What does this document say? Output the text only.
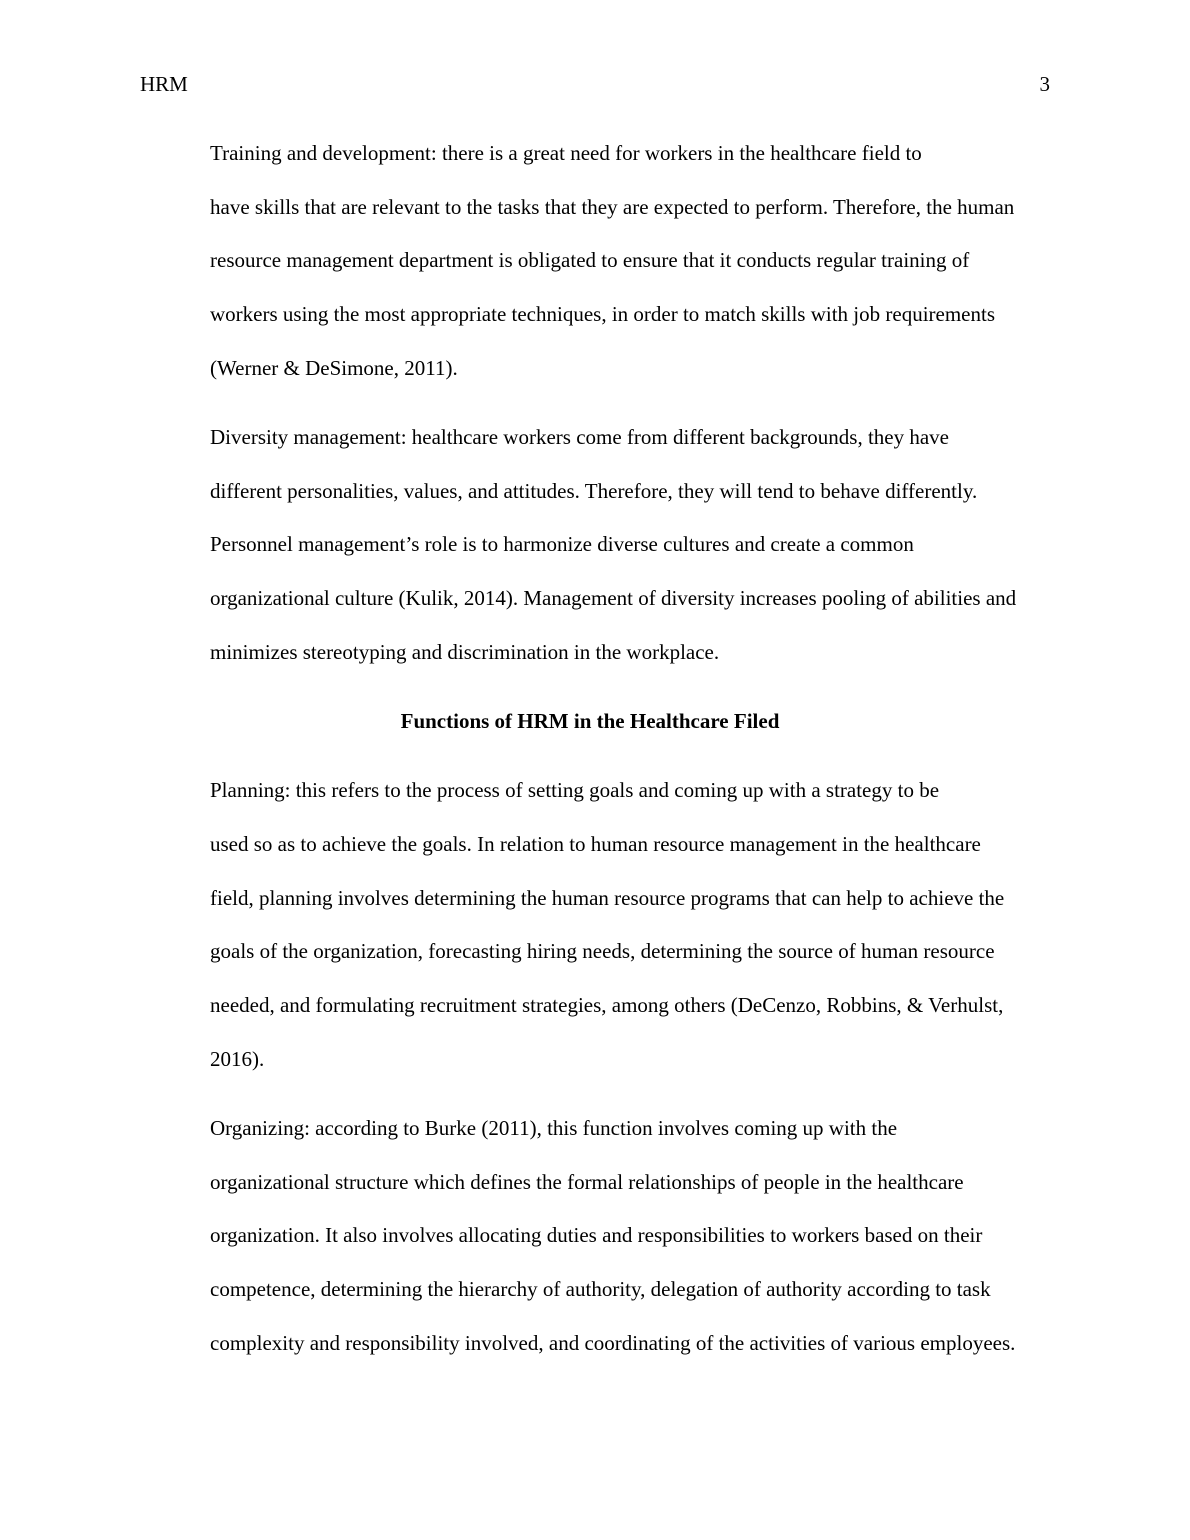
HRM	3

Training and development: there is a great need for workers in the healthcare field to
have skills that are relevant to the tasks that they are expected to perform. Therefore, the human
resource management department is obligated to ensure that it conducts regular training of
workers using the most appropriate techniques, in order to match skills with job requirements
(Werner & DeSimone, 2011).

Diversity management: healthcare workers come from different backgrounds, they have
different personalities, values, and attitudes. Therefore, they will tend to behave differently.
Personnel management’s role is to harmonize diverse cultures and create a common
organizational culture (Kulik, 2014). Management of diversity increases pooling of abilities and
minimizes stereotyping and discrimination in the workplace.

Functions of HRM in the Healthcare Filed

Planning: this refers to the process of setting goals and coming up with a strategy to be
used so as to achieve the goals. In relation to human resource management in the healthcare
field, planning involves determining the human resource programs that can help to achieve the
goals of the organization, forecasting hiring needs, determining the source of human resource
needed, and formulating recruitment strategies, among others (DeCenzo, Robbins, & Verhulst,
2016).

Organizing: according to Burke (2011), this function involves coming up with the
organizational structure which defines the formal relationships of people in the healthcare
organization. It also involves allocating duties and responsibilities to workers based on their
competence, determining the hierarchy of authority, delegation of authority according to task
complexity and responsibility involved, and coordinating of the activities of various employees.
